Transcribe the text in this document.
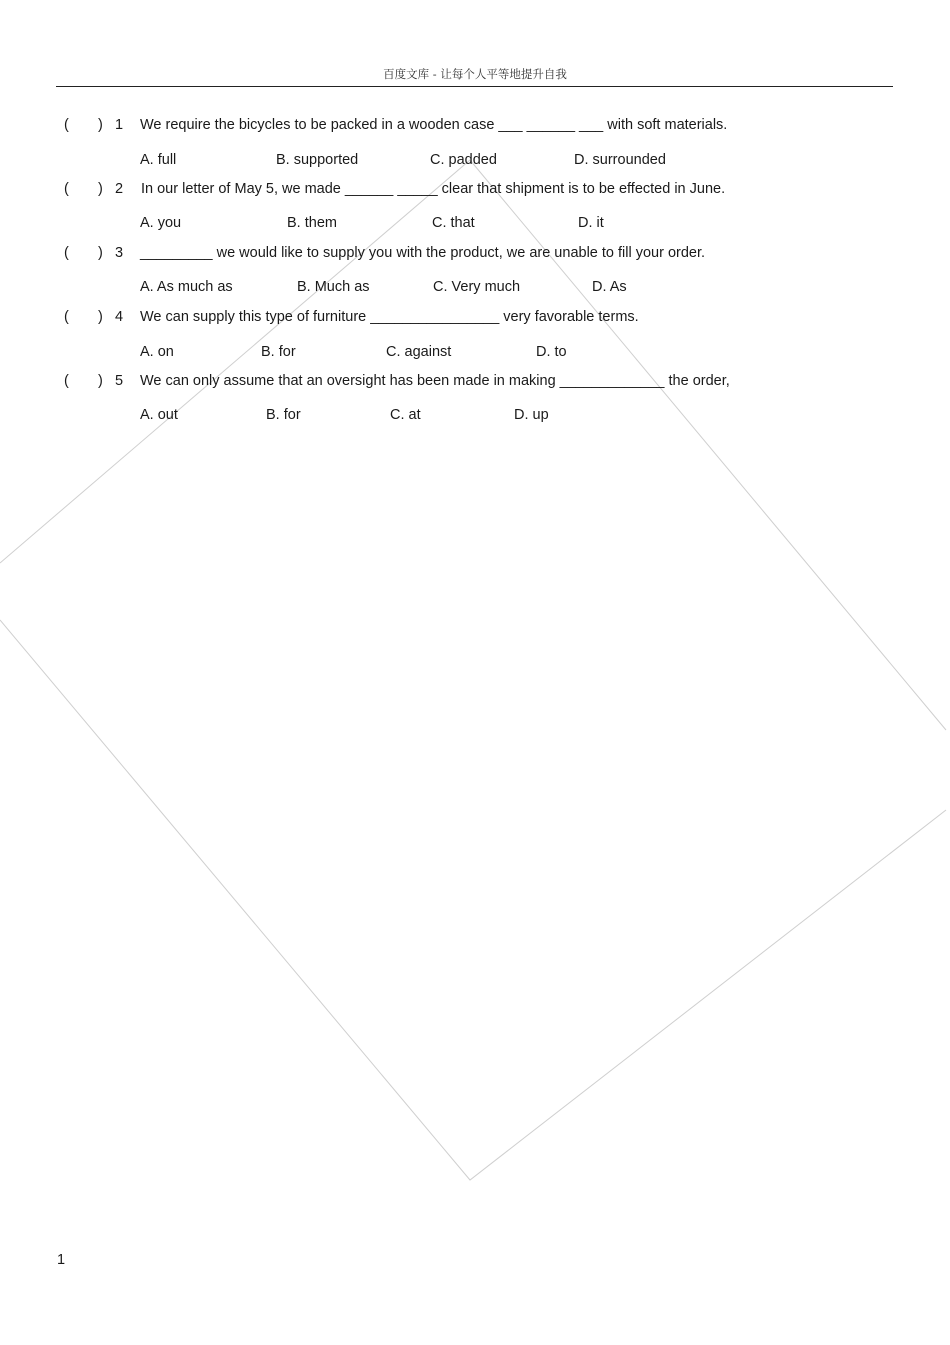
百度文库 - 让每个人平等地提升自我
( ) 1 We require the bicycles to be packed in a wooden case ___ ______ ___ with soft materials.
A. full	B. supported	C. padded	D. surrounded
( ) 2 In our letter of May 5, we made ______ _____ clear that shipment is to be effected in June.
A. you	B. them	C. that	D. it
( ) 3 _________ we would like to supply you with the product, we are unable to fill your order.
A. As much as	B. Much as	C. Very much	D. As
( ) 4 We can supply this type of furniture ________________ very favorable terms.
A. on	B. for	C. against	D. to
( ) 5 We can only assume that an oversight has been made in making _____________ the order,
A. out	B. for	C. at	D. up
1
